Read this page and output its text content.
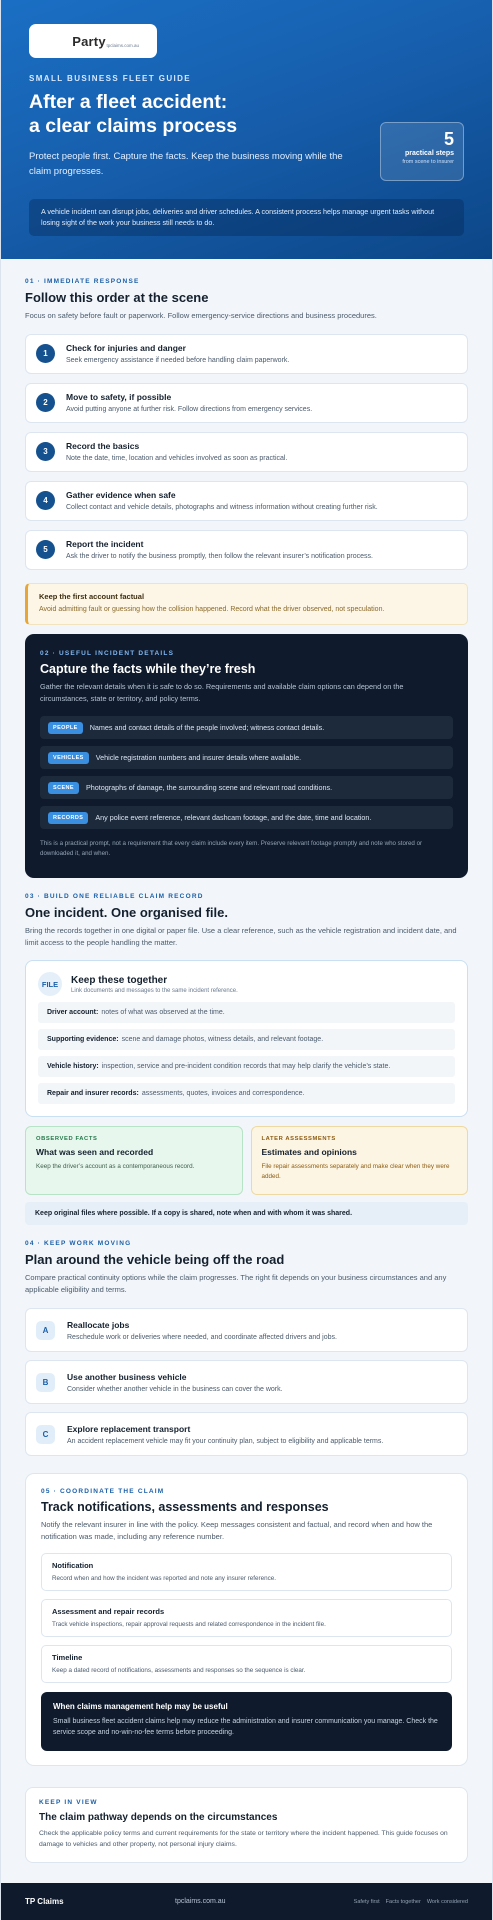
Party tpclaims.com.au
SMALL BUSINESS FLEET GUIDE
After a fleet accident:
a clear claims process

Protect people first. Capture the facts. Keep the business moving while the claim progresses.

5
practical steps
from scene to insurer
A vehicle incident can disrupt jobs, deliveries and driver schedules. A consistent process helps manage urgent tasks without losing sight of the work your business still needs to do.
01 · IMMEDIATE RESPONSE
Follow this order at the scene

Focus on safety before fault or paperwork. Follow emergency-service directions and business procedures.

1
Check for injuries and danger
Seek emergency assistance if needed before handling claim paperwork.
2
Move to safety, if possible
Avoid putting anyone at further risk. Follow directions from emergency services.
3
Record the basics
Note the date, time, location and vehicles involved as soon as practical.
4
Gather evidence when safe
Collect contact and vehicle details, photographs and witness information without creating further risk.
5
Report the incident
Ask the driver to notify the business promptly, then follow the relevant insurer’s notification process.
Keep the first account factual
Avoid admitting fault or guessing how the collision happened. Record what the driver observed, not speculation.
02 · USEFUL INCIDENT DETAILS
Capture the facts while they’re fresh

Gather the relevant details when it is safe to do so. Requirements and available claim options can depend on the circumstances, state or territory, and policy terms.

PEOPLE	Names and contact details of the people involved; witness contact details.
VEHICLES	Vehicle registration numbers and insurer details where available.
SCENE	Photographs of damage, the surrounding scene and relevant road conditions.
RECORDS	Any police event reference, relevant dashcam footage, and the date, time and location.

This is a practical prompt, not a requirement that every claim include every item. Preserve relevant footage promptly and note who stored or downloaded it, and when.

03 · BUILD ONE RELIABLE CLAIM RECORD
One incident. One organised file.

Bring the records together in one digital or paper file. Use a clear reference, such as the vehicle registration and incident date, and limit access to the people handling the matter.

FILE	Keep these together
Link documents and messages to the same incident reference.
Driver account: notes of what was observed at the time.
Supporting evidence: scene and damage photos, witness details, and relevant footage.
Vehicle history: inspection, service and pre-incident condition records that may help clarify the vehicle’s state.
Repair and insurer records: assessments, quotes, invoices and correspondence.
OBSERVED FACTS
What was seen and recorded
Keep the driver’s account as a contemporaneous record.
LATER ASSESSMENTS
Estimates and opinions
File repair assessments separately and make clear when they were added.
Keep original files where possible. If a copy is shared, note when and with whom it was shared.
04 · KEEP WORK MOVING
Plan around the vehicle being off the road

Compare practical continuity options while the claim progresses. The right fit depends on your business circumstances and any applicable eligibility and terms.

A
Reallocate jobs
Reschedule work or deliveries where needed, and coordinate affected drivers and jobs.
B
Use another business vehicle
Consider whether another vehicle in the business can cover the work.
C
Explore replacement transport
An accident replacement vehicle may fit your continuity plan, subject to eligibility and applicable terms.
05 · COORDINATE THE CLAIM
Track notifications, assessments and responses

Notify the relevant insurer in line with the policy. Keep messages consistent and factual, and record when and how the notification was made, including any reference number.

Notification
Record when and how the incident was reported and note any insurer reference.
Assessment and repair records
Track vehicle inspections, repair approval requests and related correspondence in the incident file.
Timeline
Keep a dated record of notifications, assessments and responses so the sequence is clear.
When claims management help may be useful
Small business fleet accident claims help may reduce the administration and insurer communication you manage. Check the service scope and no-win-no-fee terms before proceeding.
KEEP IN VIEW
The claim pathway depends on the circumstances

Check the applicable policy terms and current requirements for the state or territory where the incident happened. This guide focuses on damage to vehicles and other property, not personal injury claims.

TP Claims	tpclaims.com.au	Safety first Facts together Work considered
